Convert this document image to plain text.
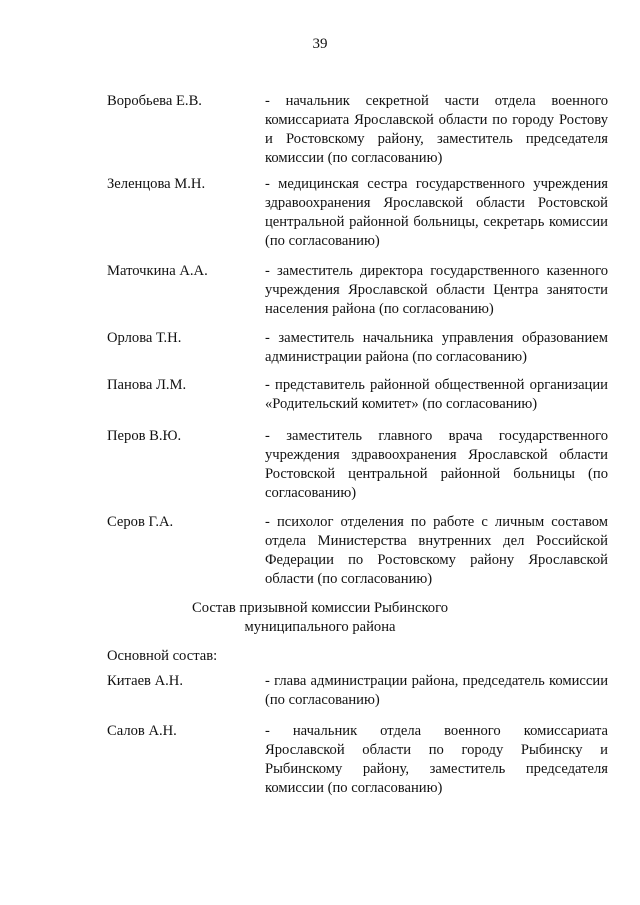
39
Воробьева Е.В.	- начальник секретной части отдела военного комиссариата Ярославской области по городу Ростову и Ростовскому району, заместитель председателя комиссии (по согласованию)
Зеленцова М.Н.	- медицинская сестра государственного учреждения здравоохранения Ярославской области Ростовской центральной районной больницы, секретарь комиссии (по согласованию)
Маточкина А.А.	- заместитель директора государственного казенного учреждения Ярославской области Центра занятости населения района (по согласованию)
Орлова Т.Н.	- заместитель начальника управления образованием администрации района (по согласованию)
Панова Л.М.	- представитель районной общественной организации «Родительский комитет» (по согласованию)
Перов В.Ю.	- заместитель главного врача государственного учреждения здравоохранения Ярославской области Ростовской центральной районной больницы (по согласованию)
Серов Г.А.	- психолог отделения по работе с личным составом отдела Министерства внутренних дел Российской Федерации по Ростовскому району Ярославской области (по согласованию)
Состав призывной комиссии Рыбинского
муниципального района
Основной состав:
Китаев А.Н.	- глава администрации района, председатель комиссии (по согласованию)
Салов А.Н.	- начальник отдела военного комиссариата Ярославской области по городу Рыбинску и Рыбинскому району, заместитель председателя комиссии (по согласованию)
